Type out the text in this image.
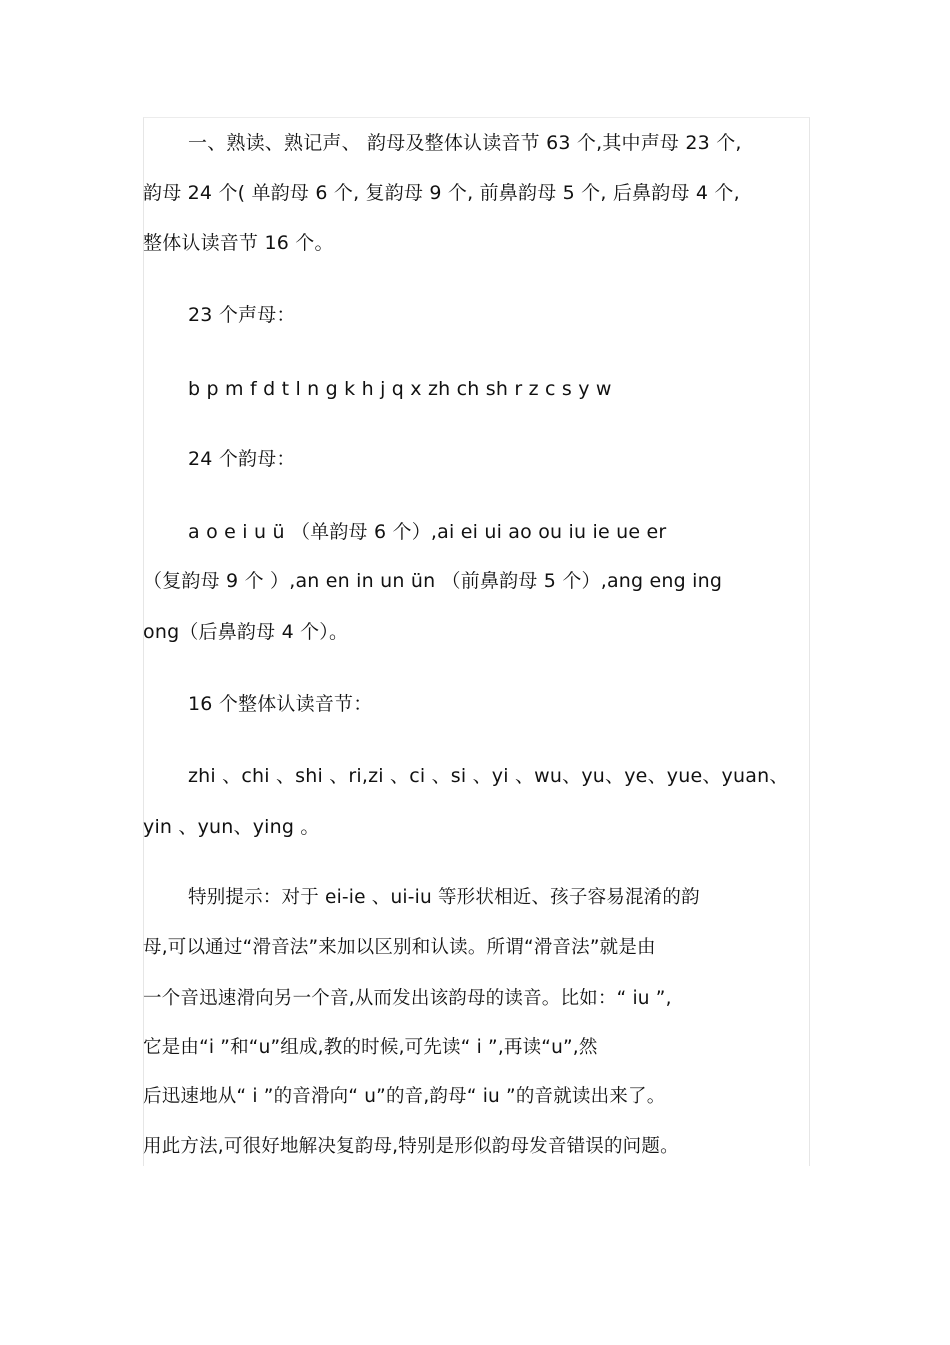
一、熟读、熟记声、 韵母及整体认读音节 63 个,其中声母 23 个,
韵母 24 个( 单韵母 6 个, 复韵母 9 个, 前鼻韵母 5 个, 后鼻韵母 4 个,
整体认读音节 16 个。
23 个声母：
b p m f d t l n g k h j q x zh ch sh r z c s y w
24 个韵母：
a o e i u ü （单韵母 6 个）,ai ei ui ao ou iu ie ue er
（复韵母 9 个 ）,an en in un ün （前鼻韵母 5 个）,ang eng ing
ong（后鼻韵母 4 个）。
16 个整体认读音节：
zhi 、chi 、shi 、ri,zi 、ci 、si 、yi 、wu、yu、ye、yue、yuan、
yin 、yun、ying 。
特别提示：对于 ei-ie 、ui-iu 等形状相近、孩子容易混淆的韵
母,可以通过“滑音法”来加以区别和认读。所谓“滑音法”就是由
一个音迅速滑向另一个音,从而发出该韵母的读音。比如：“ iu ”,
它是由“i ”和“u”组成,教的时候,可先读“ i ”,再读“u”,然
后迅速地从“ i ”的音滑向“ u”的音,韵母“ iu ”的音就读出来了。
用此方法,可很好地解决复韵母,特别是形似韵母发音错误的问题。
